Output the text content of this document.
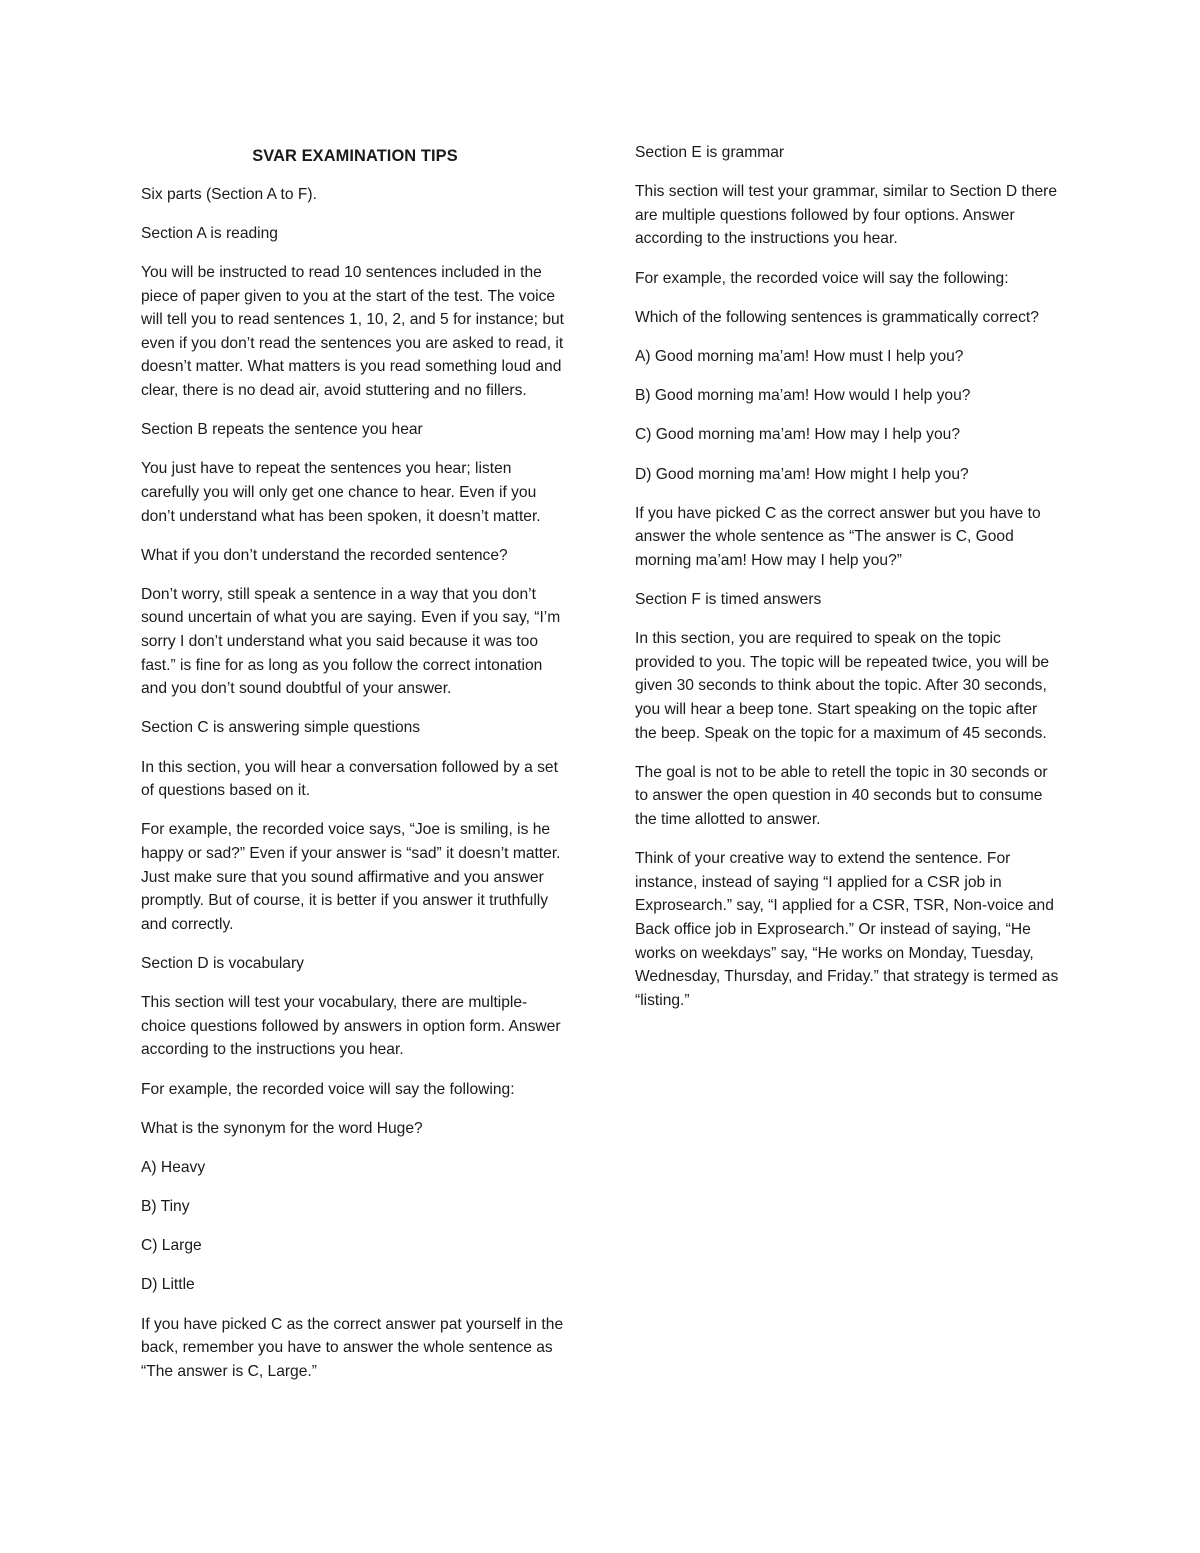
SVAR EXAMINATION TIPS
Six parts (Section A to F).
Section A is reading
You will be instructed to read 10 sentences included in the piece of paper given to you at the start of the test. The voice will tell you to read sentences 1, 10, 2, and 5 for instance; but even if you don’t read the sentences you are asked to read, it doesn’t matter. What matters is you read something loud and clear, there is no dead air, avoid stuttering and no fillers.
Section B repeats the sentence you hear
You just have to repeat the sentences you hear; listen carefully you will only get one chance to hear. Even if you don’t understand what has been spoken, it doesn’t matter.
What if you don’t understand the recorded sentence?
Don’t worry, still speak a sentence in a way that you don’t sound uncertain of what you are saying. Even if you say, “I’m sorry I don’t understand what you said because it was too fast.” is fine for as long as you follow the correct intonation and you don’t sound doubtful of your answer.
Section C is answering simple questions
In this section, you will hear a conversation followed by a set of questions based on it.
For example, the recorded voice says, “Joe is smiling, is he happy or sad?” Even if your answer is “sad” it doesn’t matter. Just make sure that you sound affirmative and you answer promptly. But of course, it is better if you answer it truthfully and correctly.
Section D is vocabulary
This section will test your vocabulary, there are multiple-choice questions followed by answers in option form. Answer according to the instructions you hear.
For example, the recorded voice will say the following:
What is the synonym for the word Huge?
A) Heavy
B) Tiny
C) Large
D) Little
If you have picked C as the correct answer pat yourself in the back, remember you have to answer the whole sentence as “The answer is C, Large.”
Section E is grammar
This section will test your grammar, similar to Section D there are multiple questions followed by four options. Answer according to the instructions you hear.
For example, the recorded voice will say the following:
Which of the following sentences is grammatically correct?
A) Good morning ma’am! How must I help you?
B) Good morning ma’am! How would I help you?
C) Good morning ma’am! How may I help you?
D) Good morning ma’am! How might I help you?
If you have picked C as the correct answer but you have to answer the whole sentence as “The answer is C, Good morning ma’am! How may I help you?”
Section F is timed answers
In this section, you are required to speak on the topic provided to you. The topic will be repeated twice, you will be given 30 seconds to think about the topic. After 30 seconds, you will hear a beep tone. Start speaking on the topic after the beep. Speak on the topic for a maximum of 45 seconds.
The goal is not to be able to retell the topic in 30 seconds or to answer the open question in 40 seconds but to consume the time allotted to answer.
Think of your creative way to extend the sentence. For instance, instead of saying “I applied for a CSR job in Exprosearch.” say, “I applied for a CSR, TSR, Non-voice and Back office job in Exprosearch.” Or instead of saying, “He works on weekdays” say, “He works on Monday, Tuesday, Wednesday, Thursday, and Friday.” that strategy is termed as “listing.”
